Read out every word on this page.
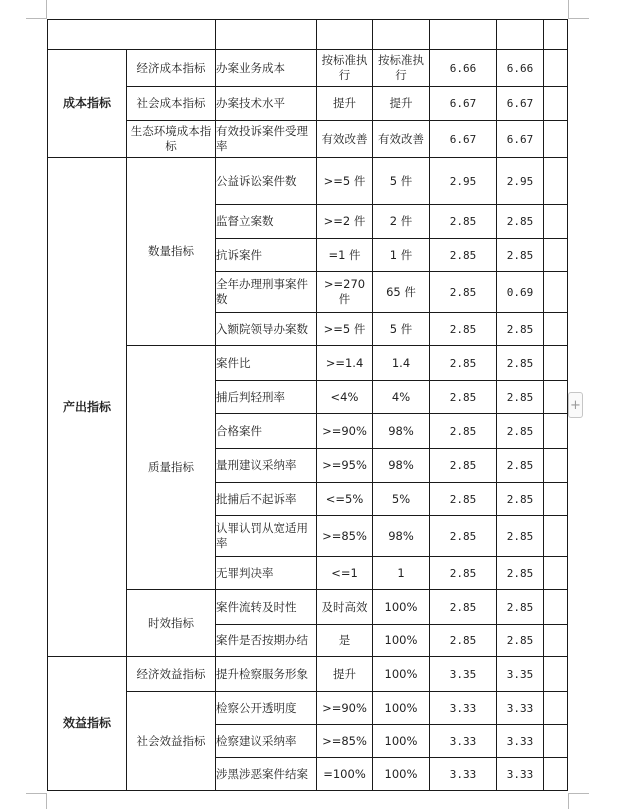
成本指标	经济成本指标	办案业务成本	按标准执行	按标准执行	6.66	6.66		
	社会成本指标	办案技术水平	提升	提升	6.67	6.67		
	生态环境成本指标	有效投诉案件受理率	有效改善	有效改善	6.67	6.67		
产出指标	数量指标	公益诉讼案件数	>=5 件	5 件	2.95	2.95		
		监督立案数	>=2 件	2 件	2.85	2.85		
		抗诉案件	=1 件	1 件	2.85	2.85		
		全年办理刑事案件数	>=270 件	65 件	2.85	0.69		
		入额院领导办案数	>=5 件	5 件	2.85	2.85		
	质量指标	案件比	>=1.4	1.4	2.85	2.85		
		捕后判轻刑率	<4%	4%	2.85	2.85		
		合格案件	>=90%	98%	2.85	2.85		
		量刑建议采纳率	>=95%	98%	2.85	2.85		
		批捕后不起诉率	<=5%	5%	2.85	2.85		
		认罪认罚从宽适用率	>=85%	98%	2.85	2.85		
		无罪判决率	<=1	1	2.85	2.85		
	时效指标	案件流转及时性	及时高效	100%	2.85	2.85		
		案件是否按期办结	是	100%	2.85	2.85		
效益指标	经济效益指标	提升检察服务形象	提升	100%	3.35	3.35		
	社会效益指标	检察公开透明度	>=90%	100%	3.33	3.33		
		检察建议采纳率	>=85%	100%	3.33	3.33		
		涉黑涉恶案件结案	=100%	100%	3.33	3.33		
+
